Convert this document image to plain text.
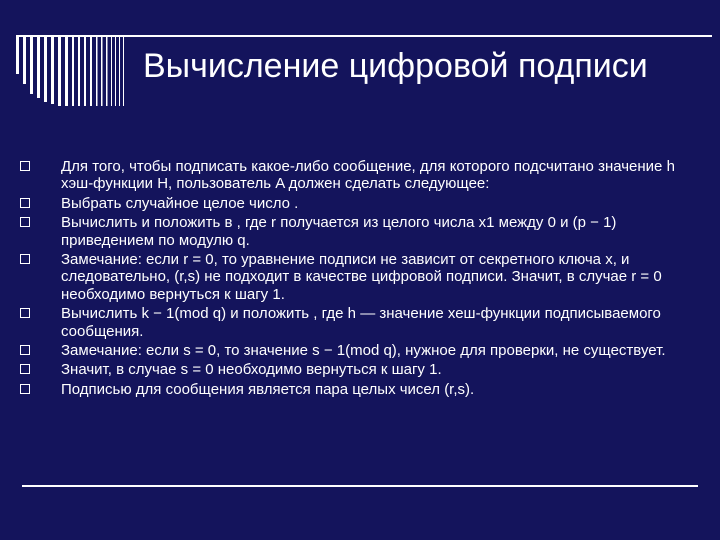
Вычисление цифровой подписи
Для того, чтобы подписать какое-либо сообщение, для которого подсчитано значение h хэш-функции H, пользователь A должен сделать следующее:
Выбрать случайное целое число .
Вычислить и положить в , где r получается из целого числа x1 между 0 и (p − 1) приведением по модулю q.
Замечание: если r = 0, то уравнение подписи не зависит от секретного ключа x, и следовательно, (r,s) не подходит в качестве цифровой подписи. Значит, в случае r = 0 необходимо вернуться к шагу 1.
Вычислить k − 1(mod q) и положить , где h — значение хеш-функции подписываемого сообщения.
Замечание: если s = 0, то значение s − 1(mod q), нужное для проверки, не существует.
Значит, в случае s = 0 необходимо вернуться к шагу 1.
Подписью для сообщения является пара целых чисел (r,s).
